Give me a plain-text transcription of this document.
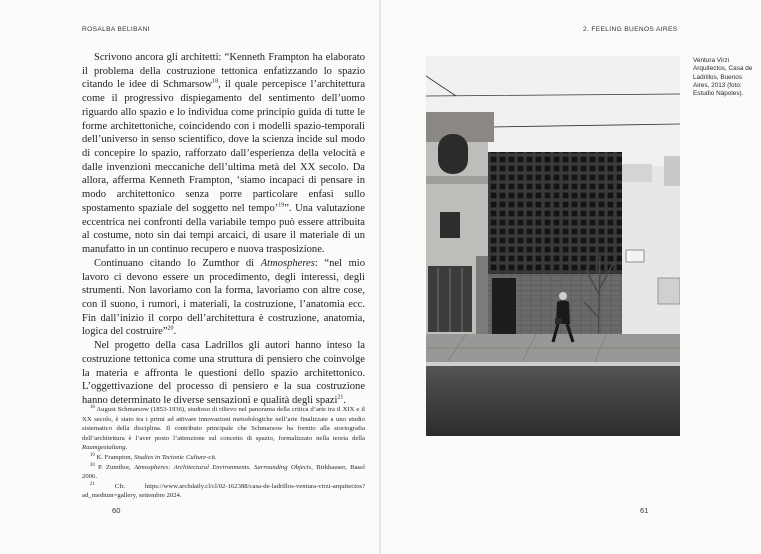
ROSALBA BELIBANI	2. FEELING BUENOS AIRES

Scrivono ancora gli architetti: “Kenneth Frampton ha elaborato il problema della costruzione tettonica enfatizzando lo spazio citando le idee di Schmarsow$^{18}$, il quale percepisce l’architettura come il progressivo dispiegamento del sentimento dell’uomo riguardo allo spazio e lo individua come principio guida di tutte le forme architettoniche, coincidendo con i modelli spazio-temporali dell’universo in senso scientifico, dove la scienza incide sul modo di concepire lo spazio, rafforzato dall’esperienza della velocità e dalle invenzioni meccaniche dell’ultima metà del XX secolo. Da allora, afferma Kenneth Frampton, ‘siamo incapaci di pensare in modo architettonico senza porre particolare enfasi sullo spostamento spaziale del soggetto nel tempo’$^{19}$”. Una valutazione eccentrica nei confronti della variabile tempo può essere attribuita al costume, noto sin dai tempi arcaici, di usare il materiale di un manufatto in un continuo recupero e nuova trasposizione.

Continuano citando lo Zumthor di Atmospheres: “nel mio lavoro ci devono essere un procedimento, degli interessi, degli strumenti. Non lavoriamo con la forma, lavoriamo con altre cose, con il suono, i rumori, i materiali, la costruzione, l’anatomia ecc. Fin dall’inizio il corpo dell’architettura è costruzione, anatomia, logica del costruire”$^{20}$.

Nel progetto della casa Ladrillos gli autori hanno inteso la costruzione tettonica come una struttura di pensiero che coinvolge la materia e affronta le questioni dello spazio architettonico. L’oggettivazione del processo di pensiero e la sua costruzione hanno determinato le diverse sensazioni e qualità degli spazi$^{21}$.

$^{18}$ August Schmarsow (1853-1936), studioso di rilievo nel panorama della critica d’arte tra il XIX e il XX secolo, è stato tra i primi ad attivare innovazioni metodologiche nell’arte finalizzate a uno studio sistematico della disciplina. Il contributo principale che Schmarsow ha fornito alla storiografia dell’architettura è l’aver posto l’attenzione sul concetto di spazio, formalizzato nella teoria della Raumgestaltung.

$^{19}$ K. Frampton, Studies in Tectonic Culture-cit.

$^{20}$ P. Zumthor, Atmospheres: Architectural Environments. Surrounding Objects, Birkhauser, Basel 2006.

$^{21}$ Cfr. https://www.archdaily.cl/cl/02-162388/casa-de-ladrillos-ventura-virzi-arquitectos?ad_medium=gallery, settembre 2024.

60	61
Ventura Virzi Arquitectos, Casa de Ladrillos, Buenos Aires, 2013 (foto: Estudio Nápoles).
